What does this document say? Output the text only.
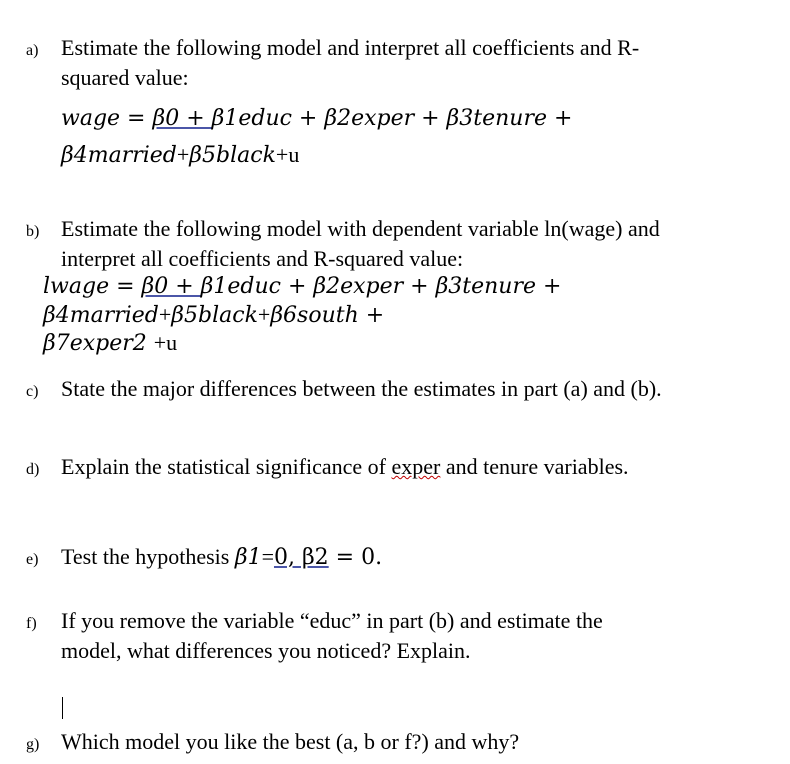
a) Estimate the following model and interpret all coefficients and R-
squared value:
wage = β0 + β1educ + β2exper + β3tenure +
β4married+β5black+u
b) Estimate the following model with dependent variable ln(wage) and
interpret all coefficients and R-squared value:
lwage = β0 + β1educ + β2exper + β3tenure +
β4married+β5black+β6south +
β7exper2 +u
c) State the major differences between the estimates in part (a) and (b).
d) Explain the statistical significance of exper and tenure variables.
e) Test the hypothesis β1=0, β2 = 0.
f) If you remove the variable “educ” in part (b) and estimate the
model, what differences you noticed? Explain.
g) Which model you like the best (a, b or f?) and why?
